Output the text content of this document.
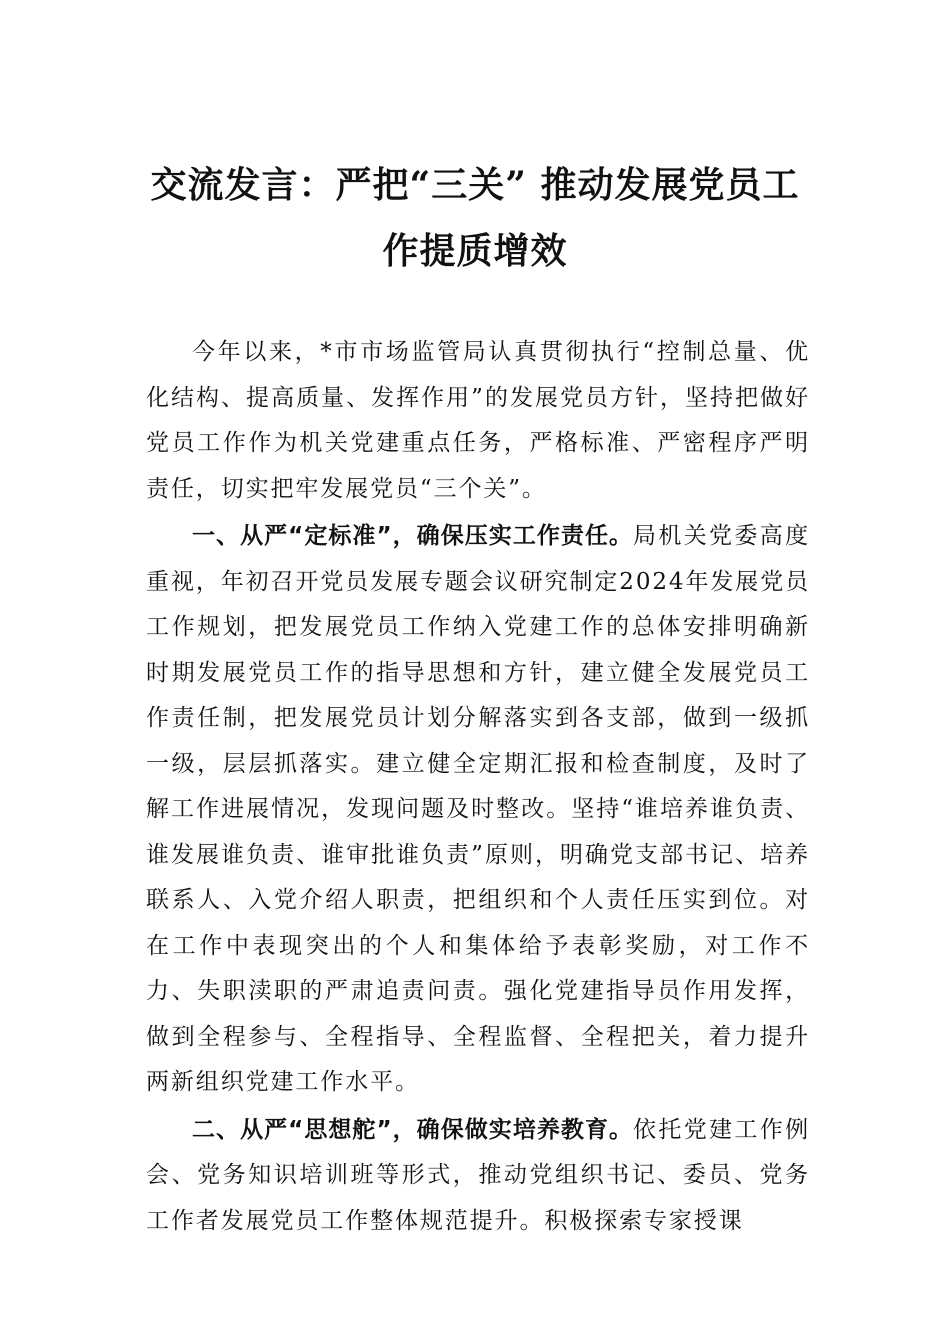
交流发言：严把“三关” 推动发展党员工
作提质增效

今年以来，*市市场监管局认真贯彻执行“控制总量、优化结构、提高质量、发挥作用”的发展党员方针，坚持把做好党员工作作为机关党建重点任务，严格标准、严密程序严明责任，切实把牢发展党员“三个关”。

一、从严“定标准”，确保压实工作责任。局机关党委高度重视，年初召开党员发展专题会议研究制定2024年发展党员工作规划，把发展党员工作纳入党建工作的总体安排明确新时期发展党员工作的指导思想和方针，建立健全发展党员工作责任制，把发展党员计划分解落实到各支部，做到一级抓一级，层层抓落实。建立健全定期汇报和检查制度，及时了解工作进展情况，发现问题及时整改。坚持“谁培养谁负责、谁发展谁负责、谁审批谁负责”原则，明确党支部书记、培养联系人、入党介绍人职责，把组织和个人责任压实到位。对在工作中表现突出的个人和集体给予表彰奖励，对工作不力、失职渎职的严肃追责问责。强化党建指导员作用发挥，做到全程参与、全程指导、全程监督、全程把关，着力提升两新组织党建工作水平。

二、从严“思想舵”，确保做实培养教育。依托党建工作例会、党务知识培训班等形式，推动党组织书记、委员、党务工作者发展党员工作整体规范提升。积极探索专家授课
